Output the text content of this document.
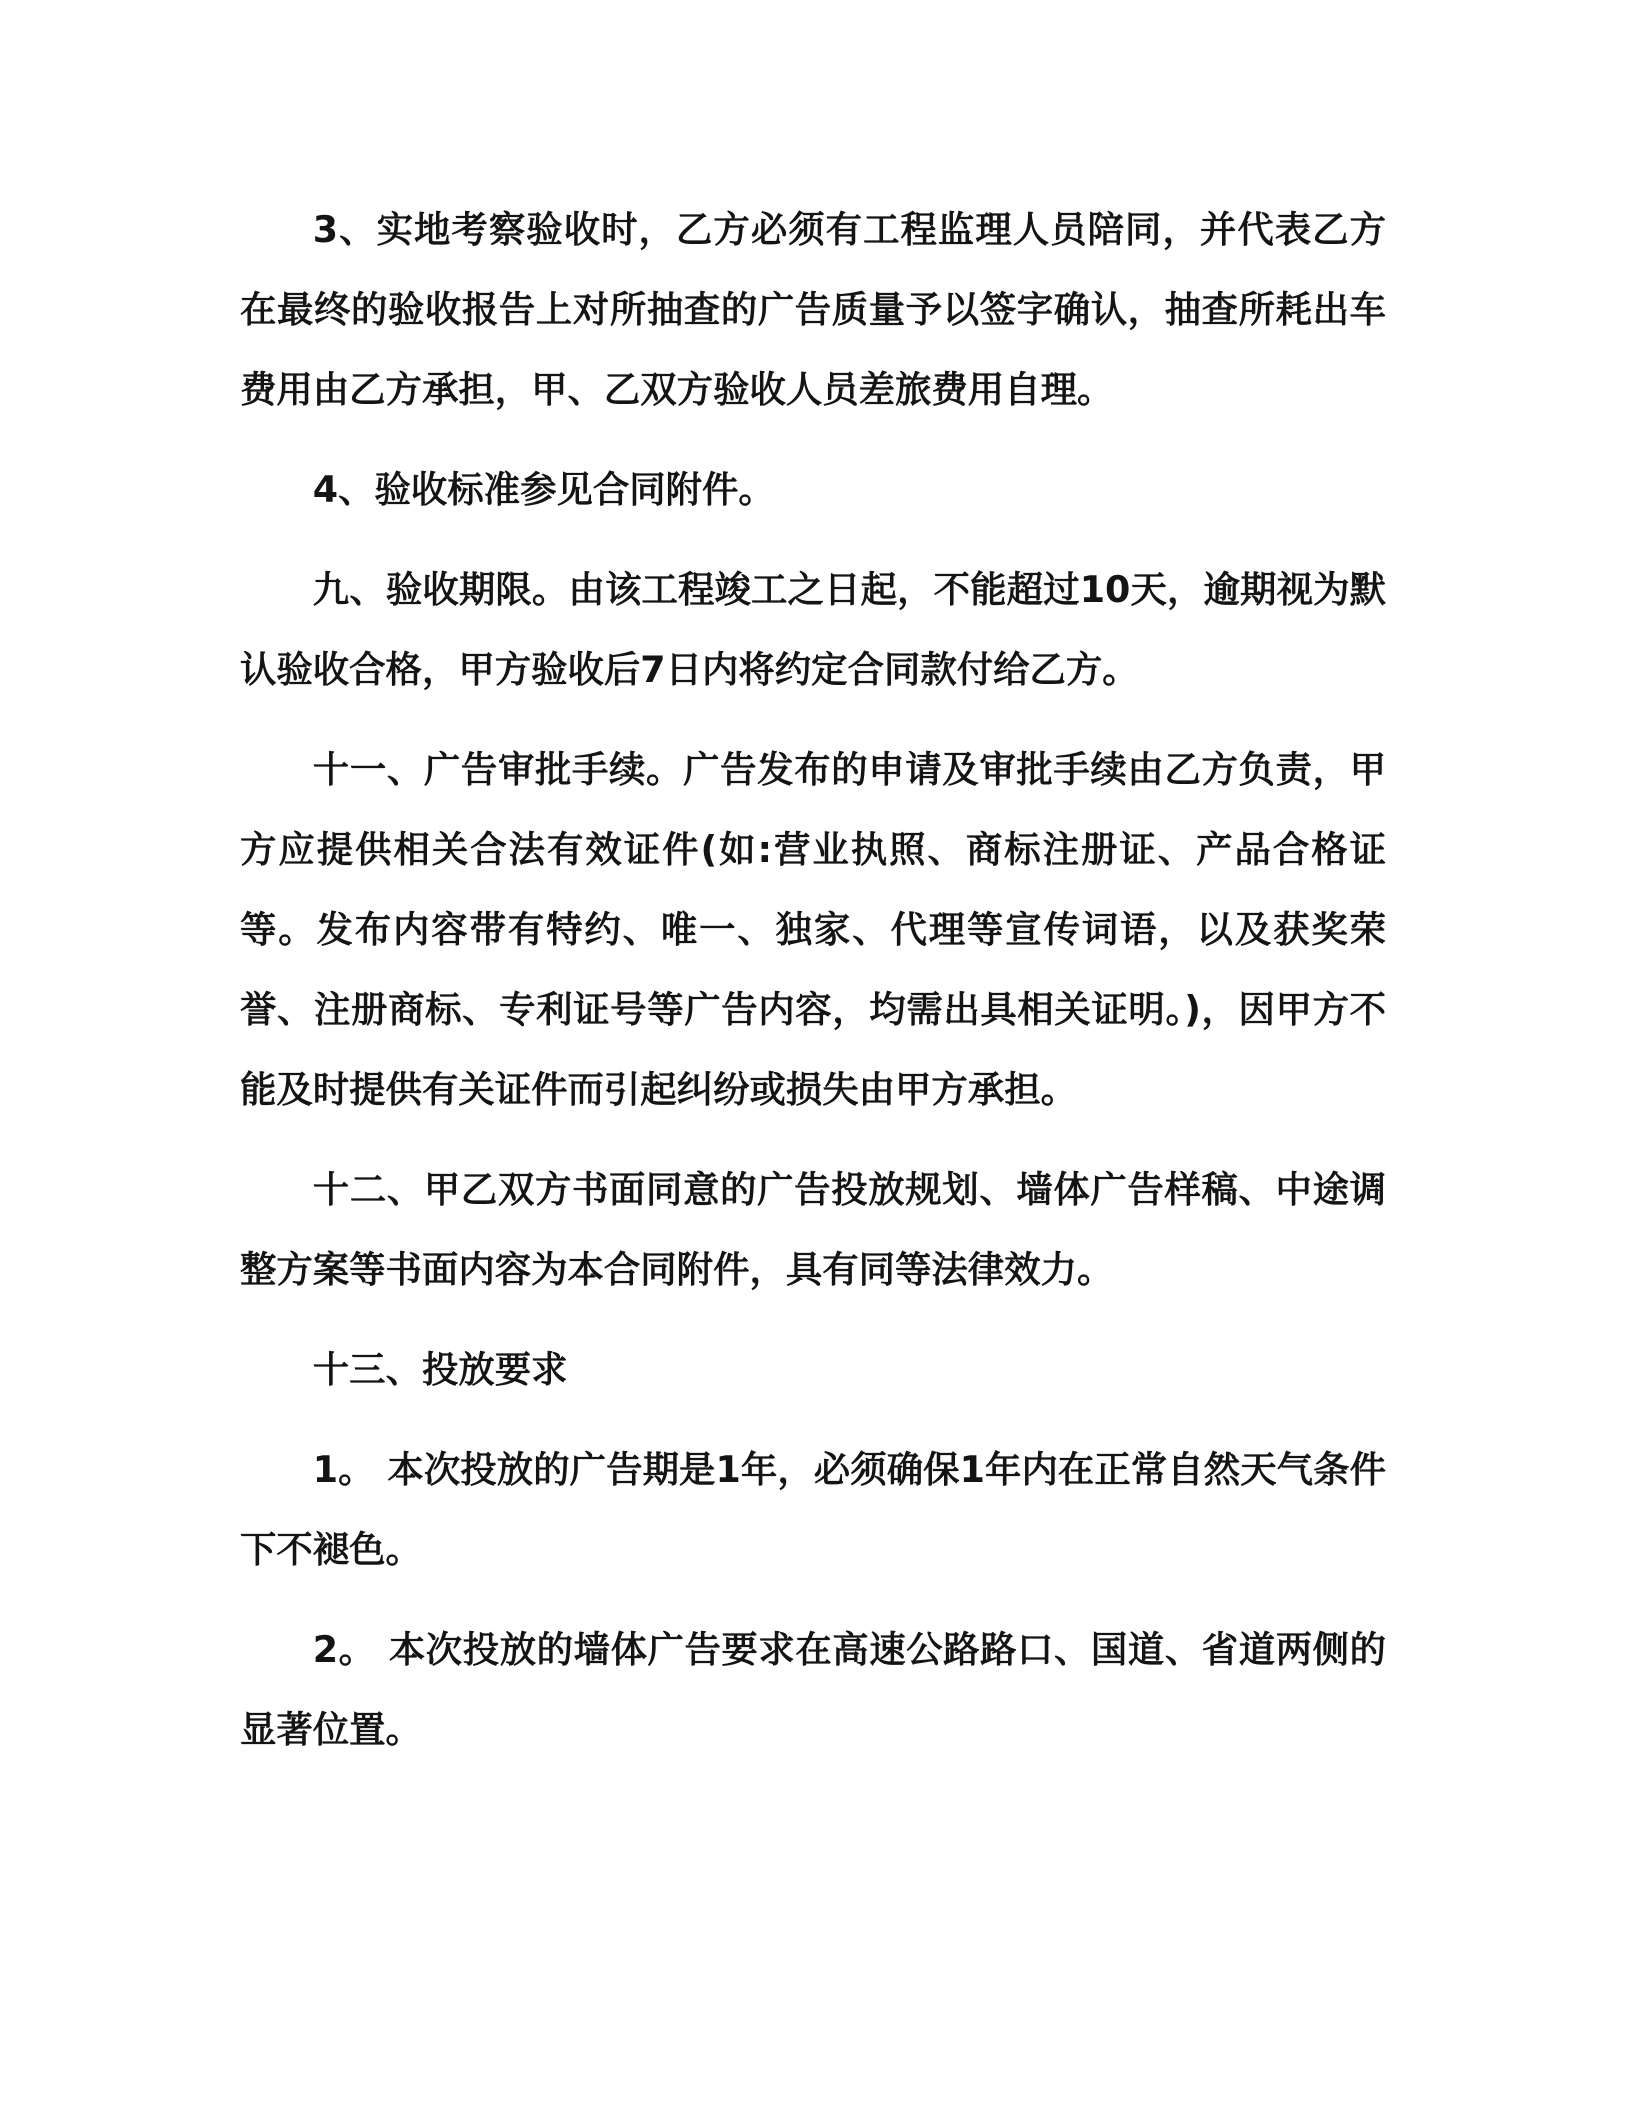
3、实地考察验收时，乙方必须有工程监理人员陪同，并代表乙方在最终的验收报告上对所抽查的广告质量予以签字确认，抽查所耗出车费用由乙方承担，甲、乙双方验收人员差旅费用自理。

4、验收标准参见合同附件。

九、验收期限。由该工程竣工之日起，不能超过10天，逾期视为默认验收合格，甲方验收后7日内将约定合同款付给乙方。

十一、广告审批手续。广告发布的申请及审批手续由乙方负责，甲方应提供相关合法有效证件(如:营业执照、商标注册证、产品合格证等。发布内容带有特约、唯一、独家、代理等宣传词语，以及获奖荣誉、注册商标、专利证号等广告内容，均需出具相关证明。)，因甲方不能及时提供有关证件而引起纠纷或损失由甲方承担。

十二、甲乙双方书面同意的广告投放规划、墙体广告样稿、中途调整方案等书面内容为本合同附件，具有同等法律效力。

十三、投放要求

1。 本次投放的广告期是1年，必须确保1年内在正常自然天气条件下不褪色。

2。 本次投放的墙体广告要求在高速公路路口、国道、省道两侧的显著位置。
